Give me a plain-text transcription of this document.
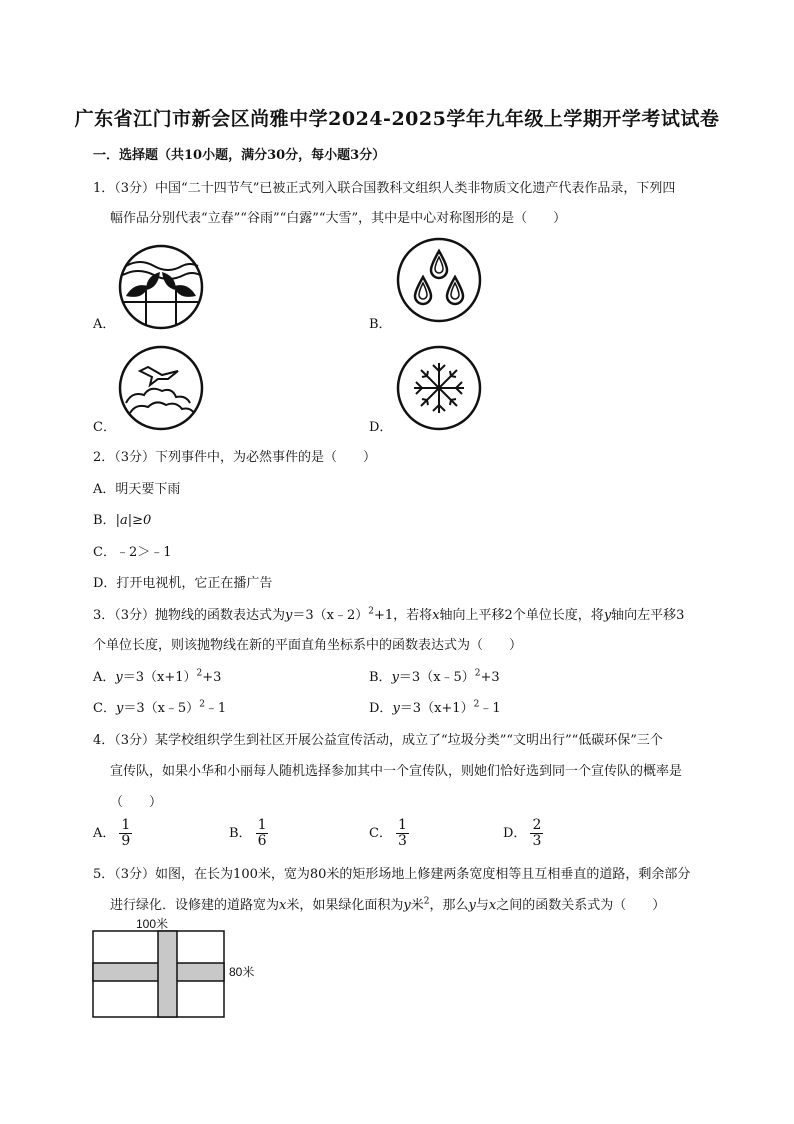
广东省江门市新会区尚雅中学2024-2025学年九年级上学期开学考试试卷
一．选择题（共10小题，满分30分，每小题3分）
1．（3分）中国“二十四节气”已被正式列入联合国教科文组织人类非物质文化遗产代表作品录，下列四
幅作品分别代表“立春”“谷雨”“白露”“大雪”，其中是中心对称图形的是（　　）
A．	B．
C．	D．
2．（3分）下列事件中，为必然事件的是（　　）
A．明天要下雨
B．|a|≥0
C．﹣2＞﹣1
D．打开电视机，它正在播广告
3．（3分）抛物线的函数表达式为y＝3（x﹣2）$^2$+1，若将x轴向上平移2个单位长度，将y轴向左平移3
个单位长度，则该抛物线在新的平面直角坐标系中的函数表达式为（　　）
A．$y=3(x+1)^2+3$	B．y＝3（x﹣5）$^2$+3
C．y＝3（x﹣5）$^2$﹣1	D．$y=3(x+1)^2﹣1$
4．（3分）某学校组织学生到社区开展公益宣传活动，成立了“垃圾分类”“文明出行”“低碳环保”三个
宣传队，如果小华和小丽每人随机选择参加其中一个宣传队，则她们恰好选到同一个宣传队的概率是
（　　）
A． $\frac{1}{9}$	B． $\frac{1}{6}$	C． $\frac{1}{3}$	D． $\frac{2}{3}$
5．（3分）如图，在长为100米，宽为80米的矩形场地上修建两条宽度相等且互相垂直的道路，剩余部分
进行绿化．设修建的道路宽为x米，如果绿化面积为y米$^2$，那么y与x之间的函数关系式为（　　）
100米
80米
